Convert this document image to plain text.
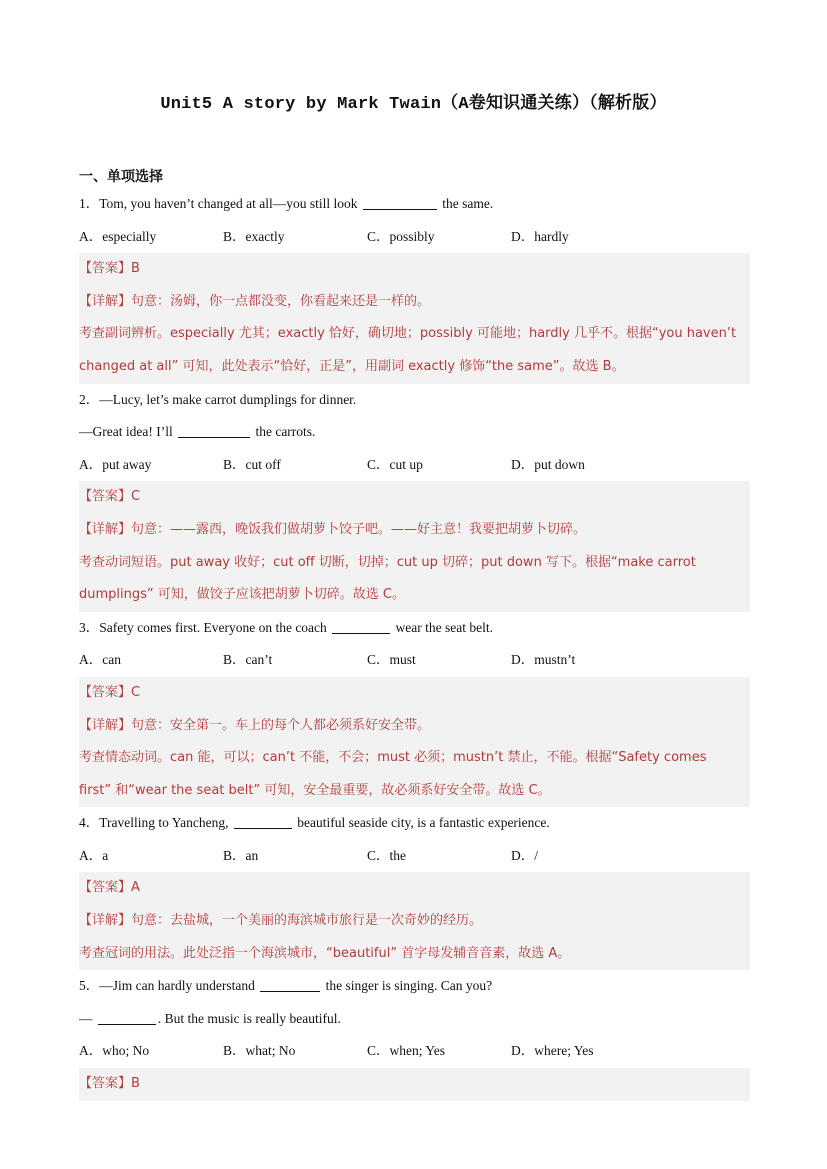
Unit5 A story by Mark Twain（A卷知识通关练）（解析版）
一、单项选择
1．Tom, you haven’t changed at all—you still look	the same.
A．especially	B．exactly	C．possibly	D．hardly
【答案】B
【详解】句意：汤姆，你一点都没变，你看起来还是一样的。
考查副词辨析。especially 尤其；exactly 恰好，确切地；possibly 可能地；hardly 几乎不。根据“you haven’t
changed at all” 可知，此处表示“恰好，正是”，用副词 exactly 修饰“the same”。故选 B。
2．—Lucy, let’s make carrot dumplings for dinner.
—Great idea! I’ll	the carrots.
A．put away	B．cut off	C．cut up	D．put down
【答案】C
【详解】句意：——露西，晚饭我们做胡萝卜饺子吧。——好主意！我要把胡萝卜切碎。
考查动词短语。put away 收好；cut off 切断，切掉；cut up 切碎；put down 写下。根据“make carrot
dumplings” 可知，做饺子应该把胡萝卜切碎。故选 C。
3．Safety comes first. Everyone on the coach	wear the seat belt.
A．can	B．can’t	C．must	D．mustn’t
【答案】C
【详解】句意：安全第一。车上的每个人都必须系好安全带。
考查情态动词。can 能，可以；can’t 不能，不会；must 必须；mustn’t 禁止，不能。根据“Safety comes
first” 和“wear the seat belt” 可知，安全最重要，故必须系好安全带。故选 C。
4．Travelling to Yancheng,	beautiful seaside city, is a fantastic experience.
A．a	B．an	C．the	D．/
【答案】A
【详解】句意：去盐城，一个美丽的海滨城市旅行是一次奇妙的经历。
考查冠词的用法。此处泛指一个海滨城市，“beautiful” 首字母发辅音音素，故选 A。
5．—Jim can hardly understand	the singer is singing. Can you?
—	. But the music is really beautiful.
A．who; No	B．what; No	C．when; Yes	D．where; Yes
【答案】B
